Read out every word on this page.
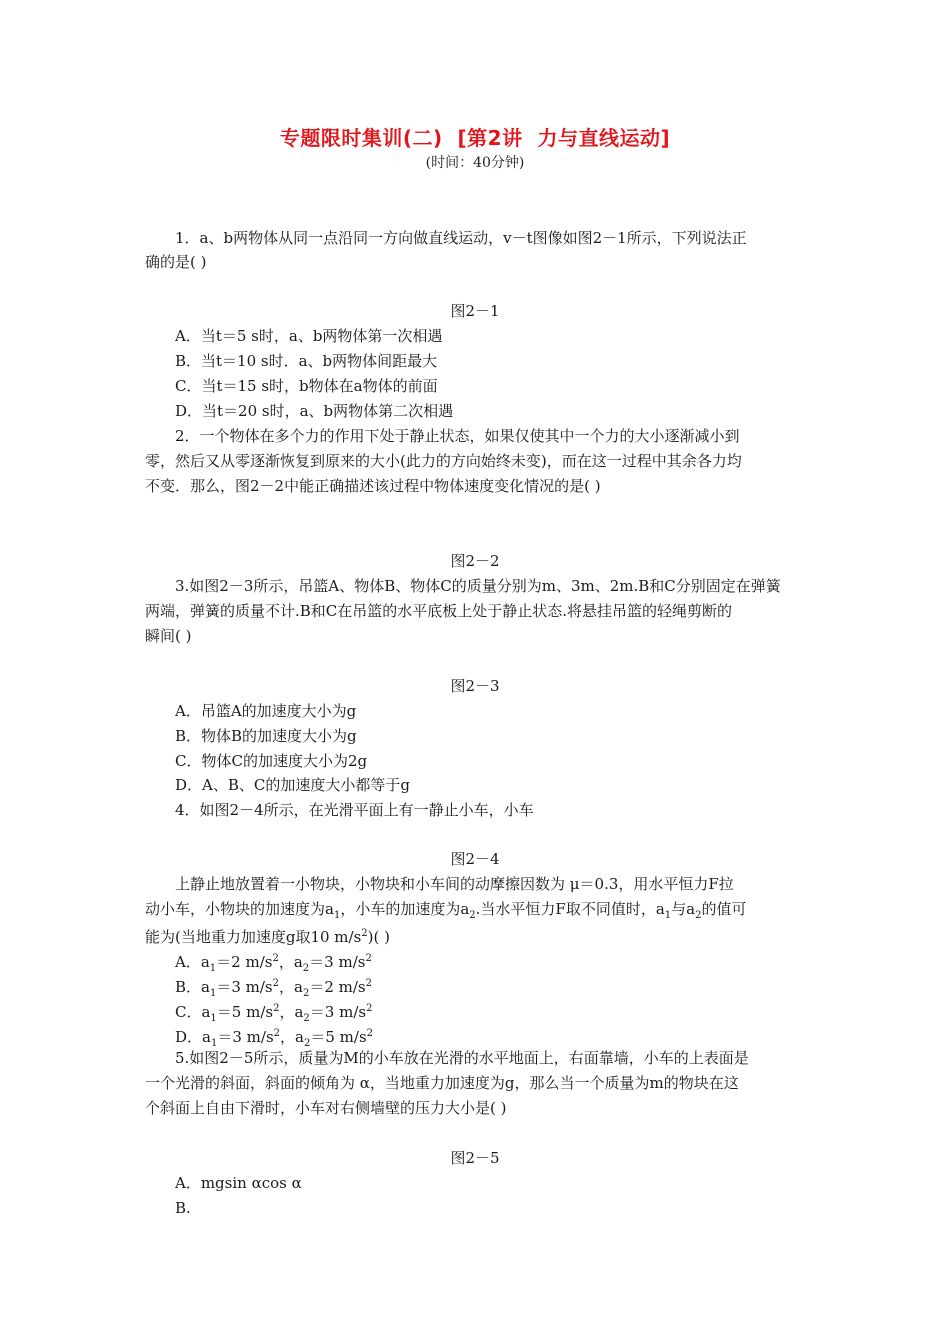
专题限时集训(二)  [第2讲  力与直线运动]
(时间：40分钟)
1．a、b两物体从同一点沿同一方向做直线运动，v－t图像如图2－1所示，下列说法正
确的是( )
图2－1
A．当t＝5 s时，a、b两物体第一次相遇
B．当t＝10 s时．a、b两物体间距最大
C．当t＝15 s时，b物体在a物体的前面
D．当t＝20 s时，a、b两物体第二次相遇
2．一个物体在多个力的作用下处于静止状态，如果仅使其中一个力的大小逐渐减小到
零，然后又从零逐渐恢复到原来的大小(此力的方向始终未变)，而在这一过程中其余各力均
不变．那么，图2－2中能正确描述该过程中物体速度变化情况的是( )
图2－2
3.如图2－3所示，吊篮A、物体B、物体C的质量分别为m、3m、2m.B和C分别固定在弹簧
两端，弹簧的质量不计.B和C在吊篮的水平底板上处于静止状态.将悬挂吊篮的轻绳剪断的
瞬间( )
图2－3
A．吊篮A的加速度大小为g
B．物体B的加速度大小为g
C．物体C的加速度大小为2g
D．A、B、C的加速度大小都等于g
4．如图2－4所示，在光滑平面上有一静止小车，小车
图2－4
上静止地放置着一小物块，小物块和小车间的动摩擦因数为 μ＝0.3，用水平恒力F拉
动小车，小物块的加速度为$a_1$，小车的加速度为$a_2$.当水平恒力F取不同值时，$a_1$与$a_2$的值可
能为(当地重力加速度g取10 $m/s^2$)( )
A．$a_1=2$ $m/s^2$，$a_2=3$ $m/s^2$
B．$a_1=3$ $m/s^2$，$a_2=2$ $m/s^2$
C．$a_1=5$ $m/s^2$，$a_2=3$ $m/s^2$
D．$a_1=3$ $m/s^2$，$a_2=5$ $m/s^2$
5.如图2－5所示，质量为M的小车放在光滑的水平地面上，右面靠墙，小车的上表面是
一个光滑的斜面，斜面的倾角为 α，当地重力加速度为g，那么当一个质量为m的物块在这
个斜面上自由下滑时，小车对右侧墙壁的压力大小是( )
图2－5
A．mgsin αcos α
B.
